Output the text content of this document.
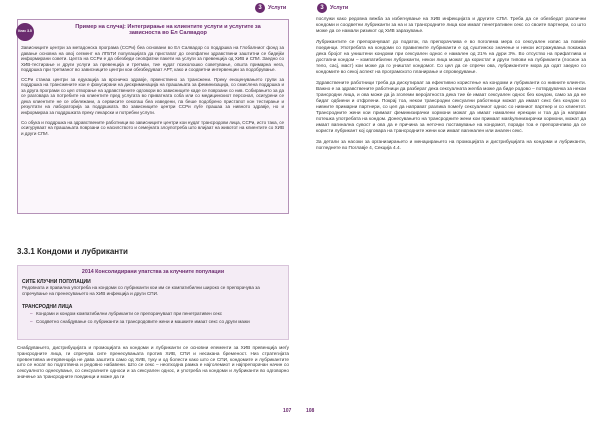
3	Услуги
Кеис 3.5
Пример на случај: Интегрирање на клиентите услуги и услугите за зависноста во Ел Салвадор

Зависниците центри за метадонска програма (ССРи) беа основани во Ел Салвадор со поддршка на Глобалниот фонд за давање основна на овој сегмент на ЛГБТИ популацијата да пристапат до сеопфатни здравствени заштитни се бидејќи информирани совети. Целта на ССРи е да обезбеди сеопфатни пакети на услуги за превенција од ХИВ и СПИ. Заедно со ХИВ-тестирање и други услуги за превенција и третман, тие нудат психолошко советување, општа примарна нега, поддршка при третманот во зависниците центри кои обезбедуваат АРТ, како и соодветни интервенции за подобрување.

ССРи станаа центри за едукација за врсничко здравје, првенствено за трансжени. Преку еноценувањето групи за поддршка на трансжените кои е фокусирани на дискриминација на прашањата за феминизација, со смислена поддршка и за друга програми со цел отворање на здравствените одговори во зависниците каде се поврзани со нив. Собирањето за да се разговара за потребите на клиентите пред услугата во приватната соба или со медицинскиот персонал, осигурени се дека клиентите не се обележани, а сервисите секогаш беа изведени, па беше подобрено пристапот кон тестирање и резултати на лабораторија за поддршката. Во зависниците центри ССРи луѓе прашаа за нивното здравје, но и информираа за поддршката преку лекарски и потребни услуги.

Со обука и поддршка на здравствените работници во зависниците центри кои нудат трансродови лица, ССРи, исто така, се осигуруваат на прашањата поврзани со насилството и семејната злоупотреба што влијаат на животот на клиентите со ХИВ и други СПИ.

3.3.1 Кондоми и лубриканти
2014 Консолидирани упатства за клучните популации
СИТЕ КЛУЧНИ ПОПУЛАЦИИ
Редовната и правилна употреба на кондоми со лубриканти кои им се компатибилни широко се препорачува за спречување на пренесувањето на ХИВ инфекција и други СПИ.
ТРАНСРОДНИ ЛИЦА
– Кондоми и кондом компатибилни лубриканти се препорачуваат при пенетративен секс
– Соодветно снабдување со лубриканти за трансродовите жени и машките имаат секс со други мажи
Снабдувањето, дистрибуцијата и промоцијата на кондоми и лубриканти се основни елементи за ХИВ превенција меѓу трансродните лица, ги спречува сите пренесувањата против ХИВ, СПИ и несакана бременост. Низ стратегијата превентивна интервенција не дава заштита само од ХИВ, туку и од болести како што се СПИ, кондомите и лубрикантите што се носат во подготвена и редовно набавени. Што се секс – неопходна рамка е најголемиот и најпрепорачан начин со сексуалното однесување, со сексуалните односи и за сексуален однос, и употреба на кондоми и лубриканти во одговорно значење за трансродните поединци и може да ги
107
3	Услуги

послужи како редовна вежба за избегнување на ХИВ инфекцијата и другите СПИ. Треба да се обезбедат различни кондоми и соодветни лубриканти за на и за трансродните лица кои имаат пенетративен секс со своите партнери, со што може да се намали ризикот од ХИВ заразување.

Лубрикантите се препорачуваат до податок, па препорачлива е во поголема мера со сексуален изпис за повеќе поединци. Употребата на кондоми со правилните лубриканти е од суштинско значење и некои истражувања покажаа дека бројот на уништени кондоми при сексуален однос е намален од 21% на дури 3%. Во отсуство на прифатлива и достапни кондом – компатибилни лубриканти, некои лица можат да користат и други типови на лубриканти (лосион за тело, сасј, маст) кои може да го уништат кондомот. Со цел да се спречи ова, лубрикантите мора да одат заедно со кондомите во секој аспект на програмското планирање и спроведување.

Здравствените работници треба да дискутираат за ефективно користење на кондоми и лубриканти со нивните клиенти. Важно е за здравствените работници да разберат дека сексуалната желба може да биде родово – потврдувачка за некои трансродни лица, и ова може да ја зголеми веројатноста дека тие ќе имаат сексуален однос без кондом, само за да не бидат одбиени и отфрлени. Покрај тоа, некои трансродни сексуални работници можат да имаат секс без кондом со нивните примарни партнери, со цел да направат разлика помеѓу сексуалниот однос со нивниот партнер и со клиентот. Трансродните жени кои примаат феминизирачки хормони можат да имаат намалени ерекции и тоа да ја направи потешка употребата на кондом. Донесувањето на трансродните жени кои примаат мaskулинизирачки хормони, можат да имаат вагинална сувост и ова да е причина за неточно поставување на кондомот, поради тоа е препорачливо да се користи лубрикант кој одговара на трансродните жени кои имаат вагинален или анален секс.

За детали за насоки за организирањето и менаџирањето на промоцијата и дистрибуцијата на кондоми и лубриканти, погледнете во Поглавје 4, Секција 4.4.

108
